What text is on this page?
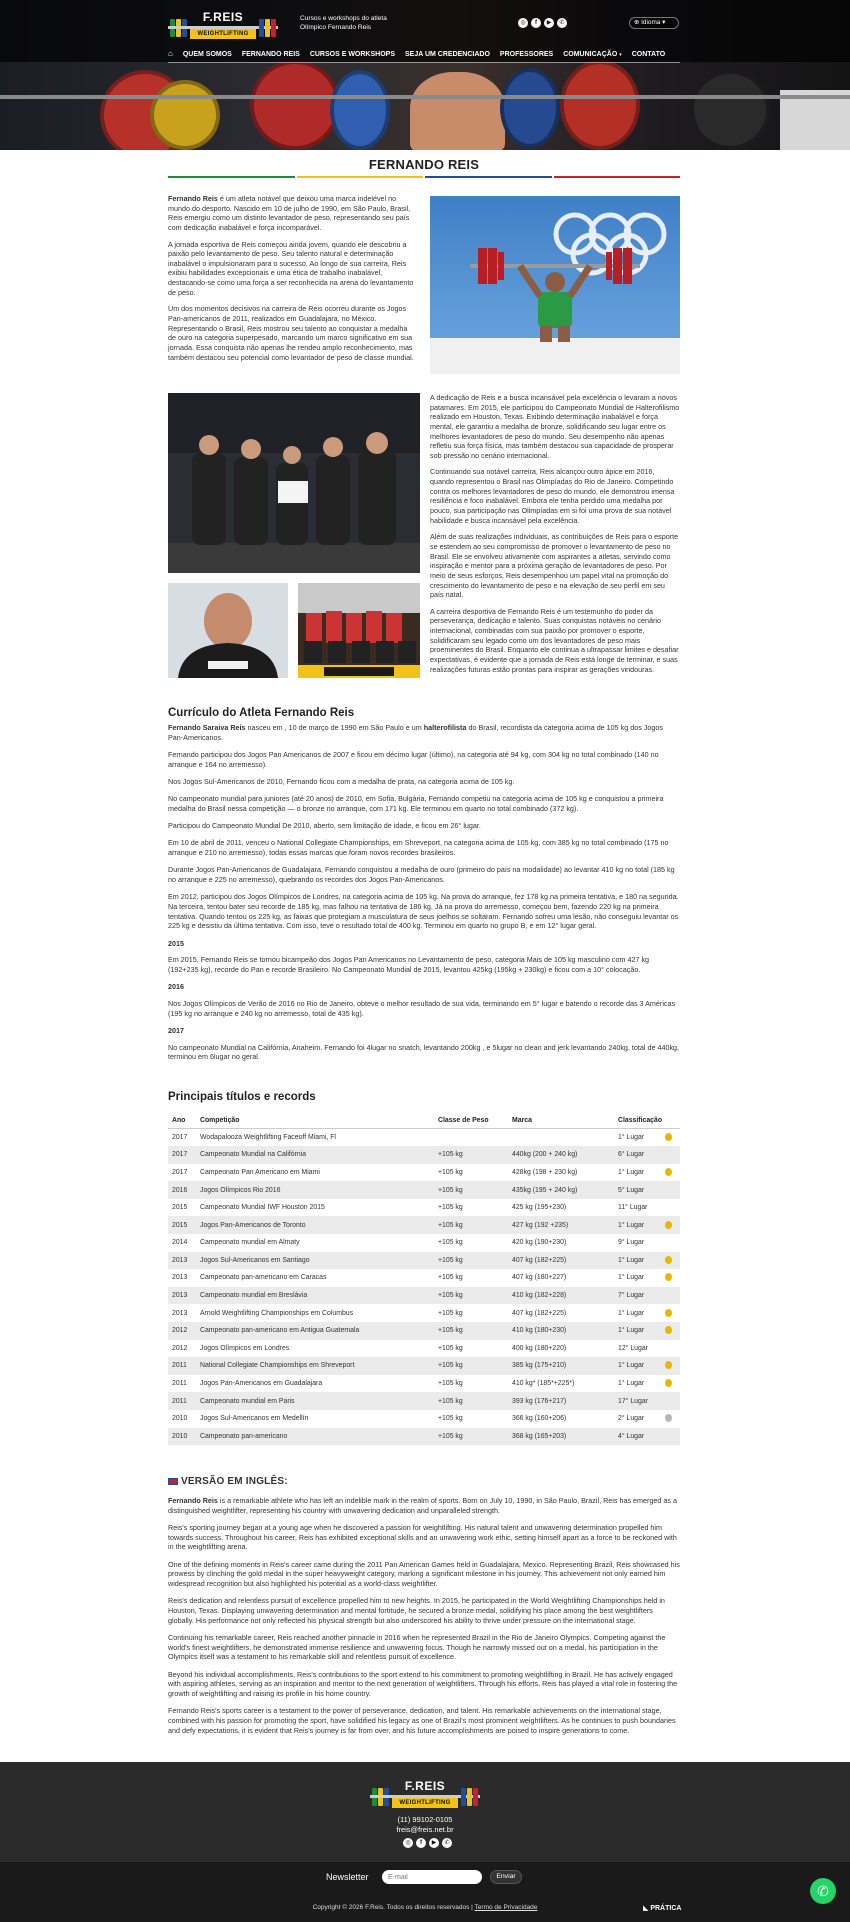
F.REIS
WEIGHTLIFTING
Cursos e workshops do atleta Olímpico Fernando Reis
◎	f	▶	✆	⊕ Idioma ▾
⌂ QUEM SOMOS FERNANDO REIS CURSOS E WORKSHOPS SEJA UM CREDENCIADO PROFESSORES COMUNICAÇÃO ▾ CONTATO
FERNANDO REIS

Fernando Reis é um atleta notável que deixou uma marca indelével no mundo do desporto. Nascido em 10 de julho de 1990, em São Paulo, Brasil, Reis emergiu como um distinto levantador de peso, representando seu país com dedicação inabalável e força incomparável.

A jornada esportiva de Reis começou ainda jovem, quando ele descobriu a paixão pelo levantamento de peso. Seu talento natural e determinação inabalável o impulsionaram para o sucesso. Ao longo de sua carreira, Reis exibiu habilidades excepcionais e uma ética de trabalho inabalável, destacando-se como uma força a ser reconhecida na arena do levantamento de peso.

Um dos momentos decisivos na carreira de Reis ocorreu durante os Jogos Pan-americanos de 2011, realizados em Guadalajara, no México. Representando o Brasil, Reis mostrou seu talento ao conquistar a medalha de ouro na categoria superpesado, marcando um marco significativo em sua jornada. Essa conquista não apenas lhe rendeu amplo reconhecimento, mas também destacou seu potencial como levantador de peso de classe mundial.

A dedicação de Reis e a busca incansável pela excelência o levaram a novos patamares. Em 2015, ele participou do Campeonato Mundial de Halterofilismo realizado em Houston, Texas. Exibindo determinação inabalável e força mental, ele garantiu a medalha de bronze, solidificando seu lugar entre os melhores levantadores de peso do mundo. Seu desempenho não apenas refletiu sua força física, mas também destacou sua capacidade de prosperar sob pressão no cenário internacional.

Continuando sua notável carreira, Reis alcançou outro ápice em 2016, quando representou o Brasil nas Olimpíadas do Rio de Janeiro. Competindo contra os melhores levantadores de peso do mundo, ele demonstrou imensa resiliência e foco inabalável. Embora ele tenha perdido uma medalha por pouco, sua participação nas Olimpíadas em si foi uma prova de sua notável habilidade e busca incansável pela excelência.

Além de suas realizações individuais, as contribuições de Reis para o esporte se estendem ao seu compromisso de promover o levantamento de peso no Brasil. Ele se envolveu ativamente com aspirantes a atletas, servindo como inspiração e mentor para a próxima geração de levantadores de peso. Por meio de seus esforços, Reis desempenhou um papel vital na promoção do crescimento do levantamento de peso e na elevação de seu perfil em seu país natal.

A carreira desportiva de Fernando Reis é um testemunho do poder da perseverança, dedicação e talento. Suas conquistas notáveis no cenário internacional, combinadas com sua paixão por promover o esporte, solidificaram seu legado como um dos levantadores de peso mais proeminentes do Brasil. Enquanto ele continua a ultrapassar limites e desafiar expectativas, é evidente que a jornada de Reis está longe de terminar, e suas realizações futuras estão prontas para inspirar as gerações vindouras.

Currículo do Atleta Fernando Reis

Fernando Saraiva Reis nasceu em , 10 de março de 1990 em São Paulo e um halterofilista do Brasil, recordista da categoria acima de 105 kg dos Jogos Pan-Americanos.

Fernando participou dos Jogos Pan Americanos de 2007 e ficou em décimo lugar (último), na categoria até 94 kg, com 304 kg no total combinado (140 no arranque e 164 no arremesso).

Nos Jogos Sul-Americanos de 2010, Fernando ficou com a medalha de prata, na categoria acima de 105 kg.

No campeonato mundial para juniores (até 20 anos) de 2010, em Sofia, Bulgária, Fernando competiu na categoria acima de 105 kg e conquistou a primeira medalha do Brasil nessa competição — o bronze no arranque, com 171 kg. Ele terminou em quarto no total combinado (372 kg).

Participou do Campeonato Mundial De 2010, aberto, sem limitação de idade, e ficou em 26° lugar.

Em 10 de abril de 2011, venceu o National Collegiate Championships, em Shreveport, na categoria acima de 105 kg, com 385 kg no total combinado (175 no arranque e 210 no arremesso), todas essas marcas que foram novos recordes brasileiros.

Durante Jogos Pan-Americanos de Guadalajara, Fernando conquistou a medalha de ouro (primeiro do país na modalidade) ao levantar 410 kg no total (185 kg no arranque e 225 no arremesso), quebrando os recordes dos Jogos Pan-Americanos.

Em 2012, participou dos Jogos Olímpicos de Londres, na categoria acima de 105 kg. Na prova do arranque, fez 178 kg na primeira tentativa, e 180 na segunda. Na terceira, tentou bater seu recorde de 185 kg, mas falhou na tentativa de 186 kg. Já na prova do arremesso, começou bem, fazendo 220 kg na primeira tentativa. Quando tentou os 225 kg, as faixas que protegiam a musculatura de seus joelhos se soltaram. Fernando sofreu uma lesão, não conseguiu levantar os 225 kg e desistiu da última tentativa. Com isso, teve o resultado total de 400 kg. Terminou em quarto no grupo B, e em 12° lugar geral.

2015

Em 2015, Fernando Reis se tornou bicampeão dos Jogos Pan Americanos no Levantamento de peso, categoria Mais de 105 kg masculino com 427 kg (192+235 kg), recorde do Pan e recorde Brasileiro. No Campeonato Mundial de 2015, levantou 425kg (195kg + 230kg) e ficou com a 10° colocação.

2016

Nos Jogos Olímpicos de Verão de 2016 no Rio de Janeiro, obteve o melhor resultado de sua vida, terminando em 5° lugar e batendo o recorde das 3 Américas (195 kg no arranque e 240 kg no arremesso, total de 435 kg).

2017

No campeonato Mundial na Califórnia, Anaheim. Fernando foi 4lugar no snatch, levantando 200kg , e 5lugar no clean and jerk levantando 240kg, total de 440kg, terminou em 6lugar no geral.

Principais títulos e records
Ano	Competição	Classe de Peso	Marca	Classificação
2017	Wodapalooza Weightlifting Faceoff Miami, Fl			1° Lugar

2017	Campeonato Mundial na Califórnia	+105 kg	440kg (200 + 240 kg)	6° Lugar
2017	Campeonato Pan Americano em Miami	+105 kg	428kg (198 + 230 kg)	1° Lugar

2016	Jogos Olímpicos Rio 2016	+105 kg	435kg (195 + 240 kg)	5° Lugar
2015	Campeonato Mundial IWF Houston 2015	+105 kg	425 kg (195+230)	11° Lugar
2015	Jogos Pan-Americanos de Toronto	+105 kg	427 kg (192 +235)	1° Lugar

2014	Campeonato mundial em Almaty	+105 kg	420 kg (190+230)	9° Lugar
2013	Jogos Sul-Americanos em Santiago	+105 kg	407 kg (182+225)	1° Lugar

2013	Campeonato pan-americano em Caracas	+105 kg	407 kg (180+227)	1° Lugar

2013	Campeonato mundial em Breslávia	+105 kg	410 kg (182+228)	7° Lugar
2013	Arnold Weightlifting Championships em Columbus	+105 kg	407 kg (182+225)	1° Lugar

2012	Campeonato pan-americano em Antigua Guatemala	+105 kg	410 kg (180+230)	1° Lugar

2012	Jogos Olímpicos em Londres	+105 kg	400 kg (180+220)	12° Lugar
2011	National Collegiate Championships em Shreveport	+105 kg	385 kg (175+210)	1° Lugar

2011	Jogos Pan-Americanos em Guadalajara	+105 kg	410 kg* (185*+225*)	1° Lugar

2011	Campeonato mundial em Paris	+105 kg	393 kg (176+217)	17° Lugar
2010	Jogos Sul-Americanos em Medellín	+105 kg	366 kg (160+206)	2° Lugar

2010	Campeonato pan-americano	+105 kg	368 kg (165+203)	4° Lugar
VERSÃO EM INGLÊS:

Fernando Reis is a remarkable athlete who has left an indelible mark in the realm of sports. Born on July 10, 1990, in São Paulo, Brazil, Reis has emerged as a distinguished weightlifter, representing his country with unwavering dedication and unparalleled strength.

Reis's sporting journey began at a young age when he discovered a passion for weightlifting. His natural talent and unwavering determination propelled him towards success. Throughout his career, Reis has exhibited exceptional skills and an unwavering work ethic, setting himself apart as a force to be reckoned with in the weightlifting arena.

One of the defining moments in Reis's career came during the 2011 Pan American Games held in Guadalajara, Mexico. Representing Brazil, Reis showcased his prowess by clinching the gold medal in the super heavyweight category, marking a significant milestone in his journey. This achievement not only earned him widespread recognition but also highlighted his potential as a world-class weightlifter.

Reis's dedication and relentless pursuit of excellence propelled him to new heights. In 2015, he participated in the World Weightlifting Championships held in Houston, Texas. Displaying unwavering determination and mental fortitude, he secured a bronze medal, solidifying his place among the best weightlifters globally. His performance not only reflected his physical strength but also underscored his ability to thrive under pressure on the international stage.

Continuing his remarkable career, Reis reached another pinnacle in 2016 when he represented Brazil in the Rio de Janeiro Olympics. Competing against the world's finest weightlifters, he demonstrated immense resilience and unwavering focus. Though he narrowly missed out on a medal, his participation in the Olympics itself was a testament to his remarkable skill and relentless pursuit of excellence.

Beyond his individual accomplishments, Reis's contributions to the sport extend to his commitment to promoting weightlifting in Brazil. He has actively engaged with aspiring athletes, serving as an inspiration and mentor to the next generation of weightlifters. Through his efforts, Reis has played a vital role in fostering the growth of weightlifting and raising its profile in his home country.

Fernando Reis's sports career is a testament to the power of perseverance, dedication, and talent. His remarkable achievements on the international stage, combined with his passion for promoting the sport, have solidified his legacy as one of Brazil's most prominent weightlifters. As he continues to push boundaries and defy expectations, it is evident that Reis's journey is far from over, and his future accomplishments are poised to inspire generations to come.

F.REIS
WEIGHTLIFTING
(11) 99102-0105
freis@freis.net.br
◎	f	▶	✆
Newsletter
E-mail	Enviar
Copyright © 2026 F.Reis. Todos os direitos reservados | Termo de Privacidade	◣ PRÁTICA
✆
